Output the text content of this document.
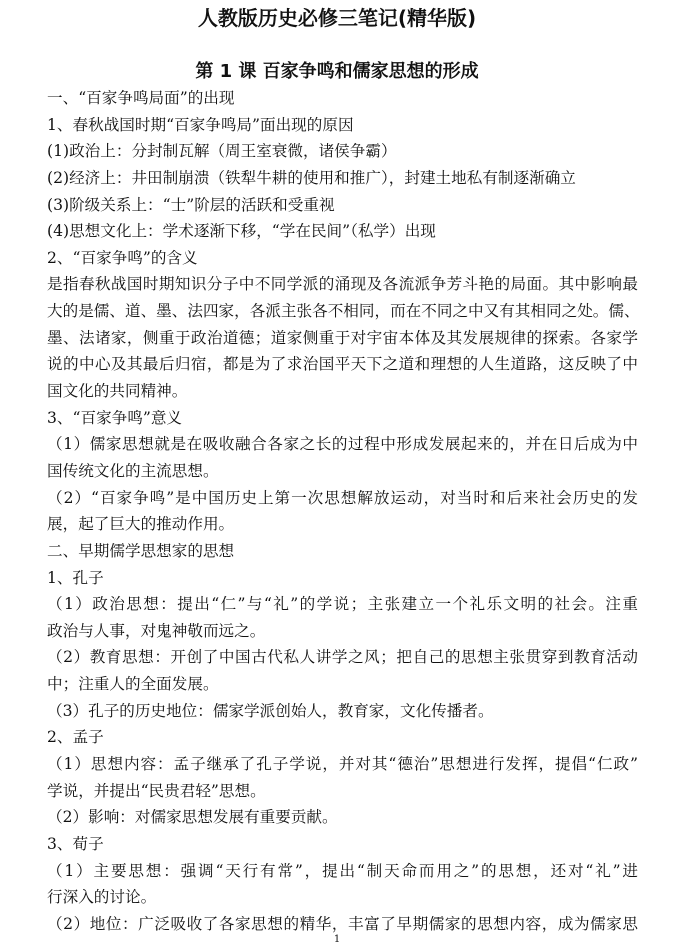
人教版历史必修三笔记(精华版)
第 1 课 百家争鸣和儒家思想的形成
一、“百家争鸣局面”的出现
1、春秋战国时期“百家争鸣局”面出现的原因
(1)政治上：分封制瓦解（周王室衰微，诸侯争霸）
(2)经济上：井田制崩溃（铁犁牛耕的使用和推广），封建土地私有制逐渐确立
(3)阶级关系上：“士”阶层的活跃和受重视
(4)思想文化上：学术逐渐下移，“学在民间”（私学）出现
2、“百家争鸣”的含义
是指春秋战国时期知识分子中不同学派的涌现及各流派争芳斗艳的局面。其中影响最
大的是儒、道、墨、法四家，各派主张各不相同，而在不同之中又有其相同之处。儒、
墨、法诸家，侧重于政治道德；道家侧重于对宇宙本体及其发展规律的探索。各家学
说的中心及其最后归宿，都是为了求治国平天下之道和理想的人生道路，这反映了中
国文化的共同精神。
3、“百家争鸣”意义
（1）儒家思想就是在吸收融合各家之长的过程中形成发展起来的，并在日后成为中
国传统文化的主流思想。
（2）“百家争鸣”是中国历史上第一次思想解放运动，对当时和后来社会历史的发
展，起了巨大的推动作用。
二、早期儒学思想家的思想
1、孔子
（1）政治思想：提出“仁”与“礼”的学说；主张建立一个礼乐文明的社会。注重
政治与人事，对鬼神敬而远之。
（2）教育思想：开创了中国古代私人讲学之风；把自己的思想主张贯穿到教育活动
中；注重人的全面发展。
（3）孔子的历史地位：儒家学派创始人，教育家，文化传播者。
2、孟子
（1）思想内容：孟子继承了孔子学说，并对其“德治”思想进行发挥，提倡“仁政”
学说，并提出“民贵君轻”思想。
（2）影响：对儒家思想发展有重要贡献。
3、荀子
（1）主要思想：强调“天行有常”，提出“制天命而用之”的思想，还对“礼”进
行深入的讨论。
（2）地位：广泛吸收了各家思想的精华，丰富了早期儒家的思想内容，成为儒家思
1
